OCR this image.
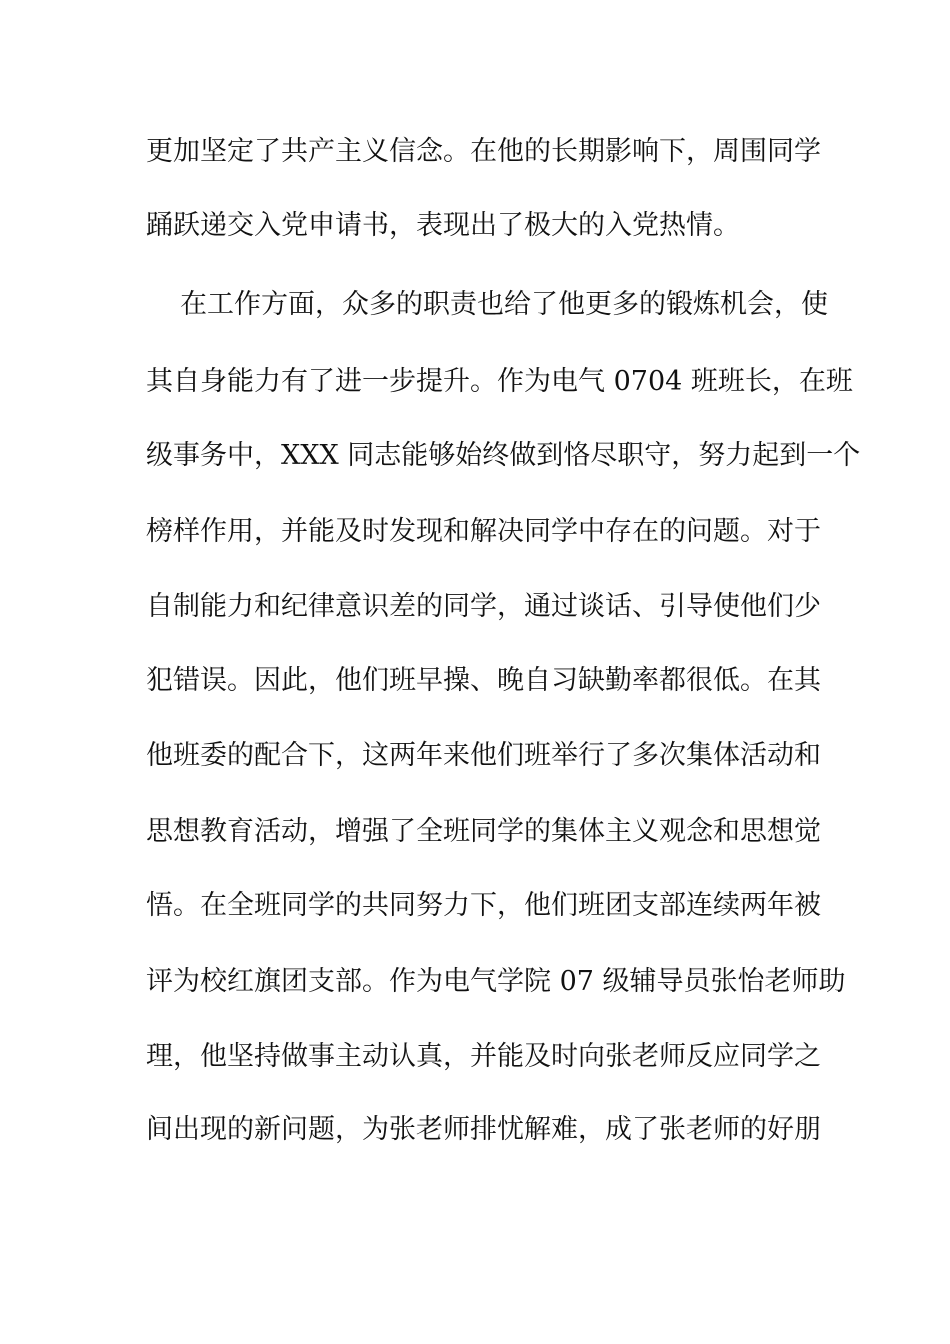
更加坚定了共产主义信念。在他的长期影响下，周围同学
踊跃递交入党申请书，表现出了极大的入党热情。
在工作方面，众多的职责也给了他更多的锻炼机会，使
其自身能力有了进一步提升。作为电气 0704 班班长，在班
级事务中，XXX 同志能够始终做到恪尽职守，努力起到一个
榜样作用，并能及时发现和解决同学中存在的问题。对于
自制能力和纪律意识差的同学，通过谈话、引导使他们少
犯错误。因此，他们班早操、晚自习缺勤率都很低。在其
他班委的配合下，这两年来他们班举行了多次集体活动和
思想教育活动，增强了全班同学的集体主义观念和思想觉
悟。在全班同学的共同努力下，他们班团支部连续两年被
评为校红旗团支部。作为电气学院 07 级辅导员张怡老师助
理，他坚持做事主动认真，并能及时向张老师反应同学之
间出现的新问题，为张老师排忧解难，成了张老师的好朋
